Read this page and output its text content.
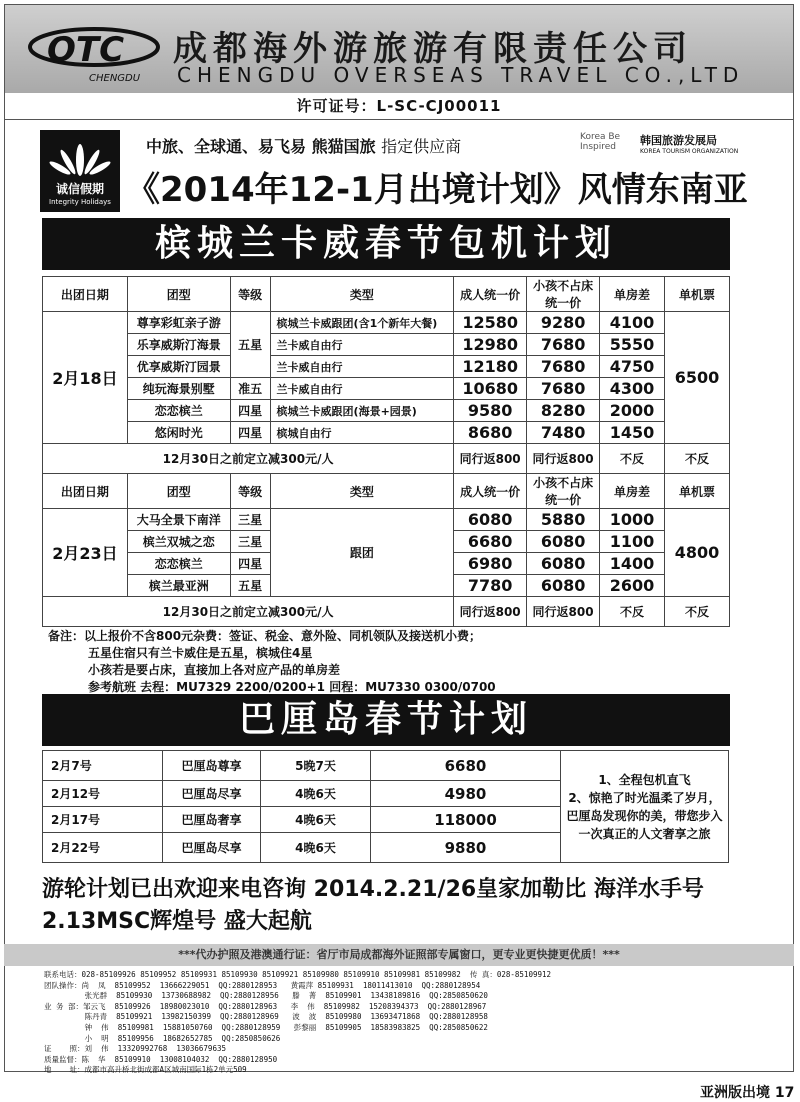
OTC
CHENGDU
成都海外游旅游有限责任公司
CHENGDU OVERSEAS TRAVEL CO.,LTD
许可证号：L-SC-CJ00011
诚信假期
Integrity Holidays
中旅、全球通、易飞易 熊猫国旅 指定供应商	Korea Be Inspired	韩国旅游发展局
KOREA TOURISM ORGANIZATION
《2014年12-1月出境计划》风情东南亚
槟城兰卡威春节包机计划
出团日期	团型	等级	类型	成人统一价	小孩不占床统一价	单房差	单机票
2月18日	尊享彩虹亲子游	五星	槟城兰卡威跟团(含1个新年大餐)	12580	9280	4100	6500
	乐享威斯汀海景		兰卡威自由行	12980	7680	5550	
	优享威斯汀园景		兰卡威自由行	12180	7680	4750	
	纯玩海景别墅	准五	兰卡威自由行	10680	7680	4300	
	恋恋槟兰	四星	槟城兰卡威跟团(海景+园景)	9580	8280	2000	
	悠闲时光	四星	槟城自由行	8680	7480	1450	
12月30日之前定立减300元/人				同行返800	同行返800	不反	不反
出团日期	团型	等级	类型	成人统一价	小孩不占床统一价	单房差	单机票
2月23日	大马全景下南洋	三星	跟团	6080	5880	1000	4800
	槟兰双城之恋	三星		6680	6080	1100	
	恋恋槟兰	四星		6980	6080	1400	
	槟兰最亚洲	五星		7780	6080	2600	
12月30日之前定立减300元/人				同行返800	同行返800	不反	不反
备注：以上报价不含800元杂费：签证、税金、意外险、同机领队及接送机小费；
五星住宿只有兰卡威住是五星，槟城住4星
小孩若是要占床，直接加上各对应产品的单房差
参考航班 去程：MU7329 2200/0200+1 回程：MU7330 0300/0700
巴厘岛春节计划
2月7号	巴厘岛尊享	5晚7天	6680	1、全程包机直飞
2、惊艳了时光温柔了岁月，
巴厘岛发现你的美，带您步入
一次真正的人文奢享之旅

2月12号	巴厘岛尽享	4晚6天	4980	
2月17号	巴厘岛奢享	4晚6天	118000	
2月22号	巴厘岛尽享	4晚6天	9880	
游轮计划已出欢迎来电咨询 2014.2.21/26皇家加勒比 海洋水手号
2.13MSC辉煌号 盛大起航
***代办护照及港澳通行证：省厅市局成都海外证照部专属窗口，更专业更快捷更优质！***
联系电话：028-85109926 85109952 85109931 85109930 85109921 85109980 85109910 85109981 85109982  传 真：028-85109912
团队操作：尚  凤  85109952  13666229051  QQ:2880128953   黄霞萍 85109931  18011413010  QQ:2880128954
张光群  85109930  13730688982  QQ:2880128956   滕  菁  85109901  13438189816  QQ:2850850620
业 务 部：邹云飞  85109926  18980023010  QQ:2880128963   李  伟  85109982  15208394373  QQ:2880128967
陈丹青  85109921  13982150399  QQ:2880128969   波  波  85109980  13693471868  QQ:2880128958
钟  伟  85109981  15881050760  QQ:2880128959   彭黎丽  85109905  18583983825  QQ:2850850622
小  明  85109956  18682652785  QQ:2850850626
证    照：刘  伟  13320992768  13036679635
质量监督：陈  华  85109910  13008104032  QQ:2880128950
地    址：成都市高升桥北街成都A区城南国际1栋2单元509
亚洲版出境 17
